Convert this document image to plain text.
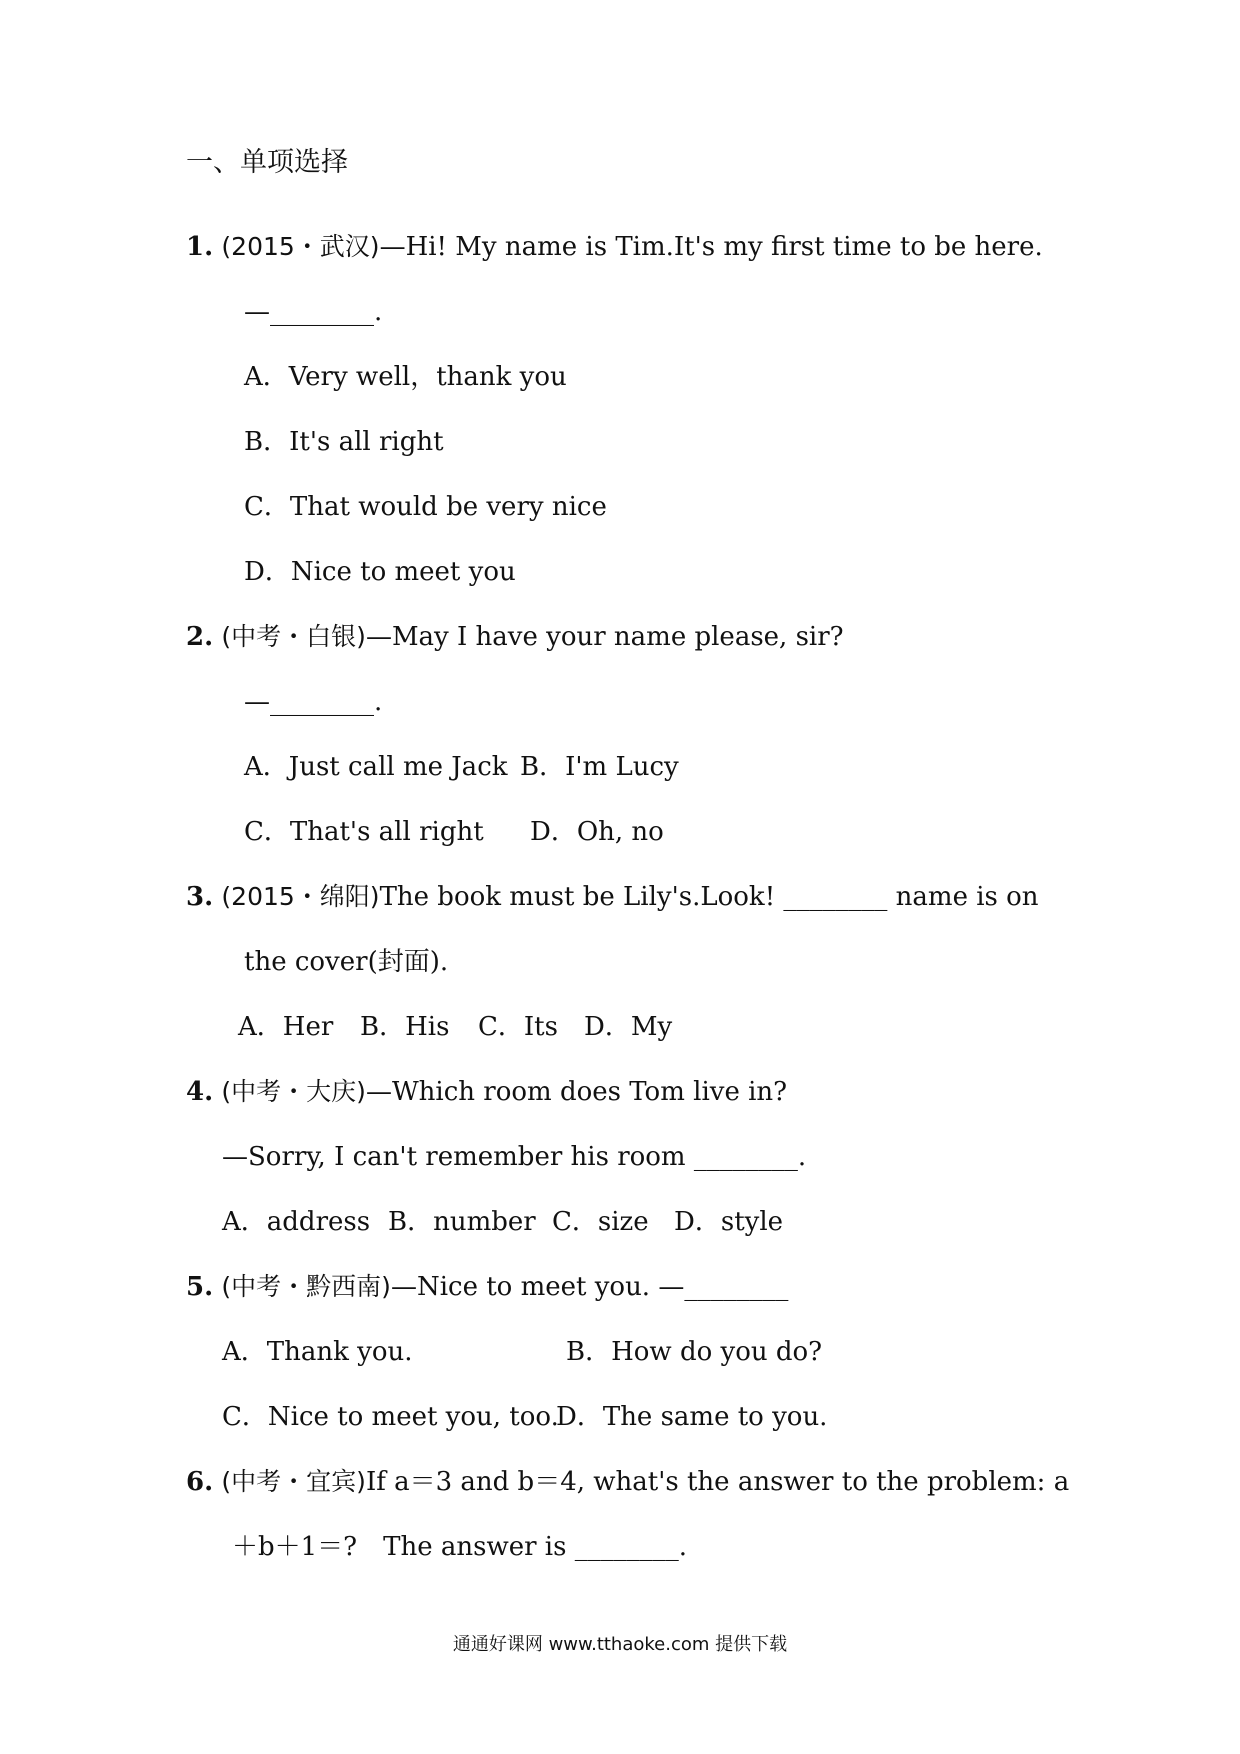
一、单项选择
1. (2015・武汉)—Hi! My name is Tim.It's my first time to be here.
—________.
A．Very well，thank you
B．It's all right
C．That would be very nice
D．Nice to meet you
2. (中考・白银)—May I have your name please, sir?
—________.
A．Just call me Jack B．I'm Lucy
C．That's all right D．Oh, no
3. (2015・绵阳)The book must be Lily's.Look! ________ name is on
the cover(封面).
A．Her B．His C．Its D．My
4. (中考・大庆)—Which room does Tom live in?
—Sorry, I can't remember his room ________.
A．address B．number C．size D．style
5. (中考・黔西南)—Nice to meet you. —________
A．Thank you.	B．How do you do?
C．Nice to meet you, too.
D．The same to you.
6. (中考・宜宾)If a＝3 and b＝4, what's the answer to the problem: a
＋b＋1＝?　The answer is ________.
通通好课网 www.tthaoke.com 提供下载
